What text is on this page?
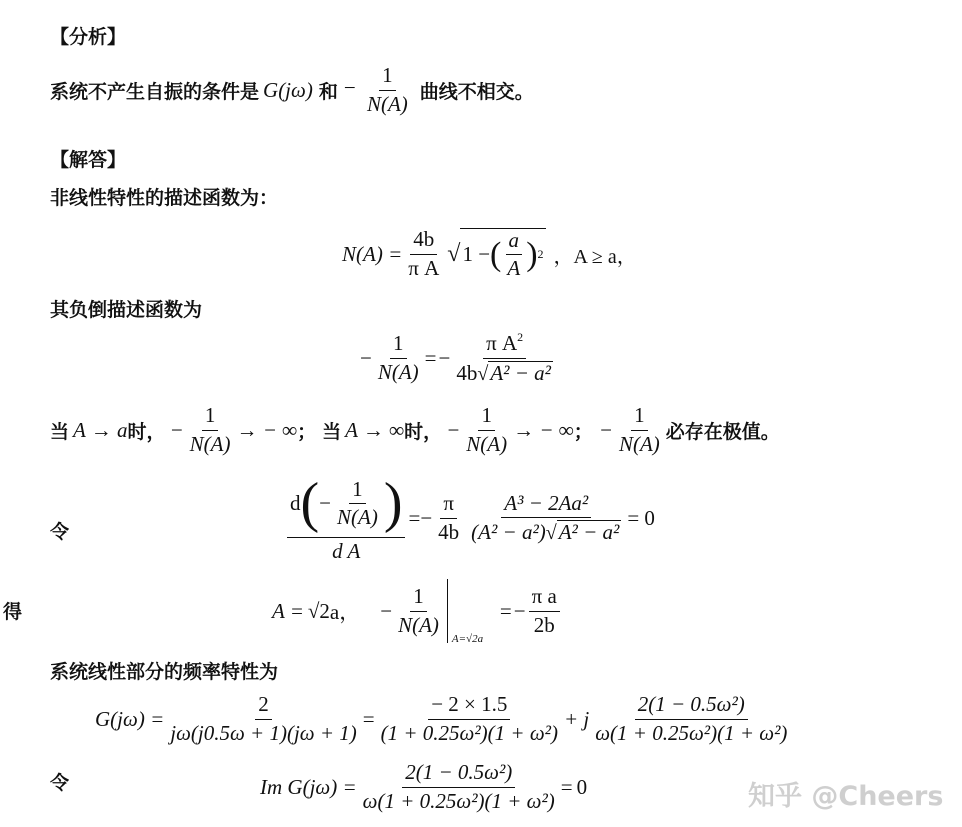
【分析】
系统不产生自振的条件是 G(jω) 和 − $\frac{1}{N(A)}$ 曲线不相交。
【解答】
非线性特性的描述函数为：
$N(A) = \frac{4b}{\text{π A}}$ √ 1 − ( $\frac{a}{A}$ ) 2 ，A ≥ a，
其负倒描述函数为
− $\frac{1}{N(A)}$ = − $\frac{\pi A^2}{\text{4b√A² − a²}}$
当 A → a 时， − $\frac{1}{N(A)}$ → − ∞ ； 当 A → ∞ 时， − $\frac{1}{N(A)}$ → − ∞ ； − $\frac{1}{N(A)}$ 必存在极值。
令	$\frac{d ( - \frac{1}{N(A)} )}{\text{d A}}$ = − $\frac{\pi}{4b} \frac{\text{A³ − 2Aa²}}{\text{(A² − a²)√A² − a²}} = 0$
得	A = √2 a， − $\frac{1}{N(A)}$
A=√2a
= − $\frac{\text{π a}}{2b}$
系统线性部分的频率特性为
$G(j\omega) = \frac{2}{j\omega(j0.5\omega + 1)(j\omega + 1)} = \frac{- 2 \times 1.5}{\text{(1 + 0.25ω²)(1 + ω²)}} + j \frac{\text{2(1 − 0.5ω²)}}{\text{ω(1 + 0.25ω²)(1 + ω²)}}$
令	Im $G(j\omega) = \frac{\text{2(1 − 0.5ω²)}}{\text{ω(1 + 0.25ω²)(1 + ω²)}} = 0$	知乎 @Cheers
